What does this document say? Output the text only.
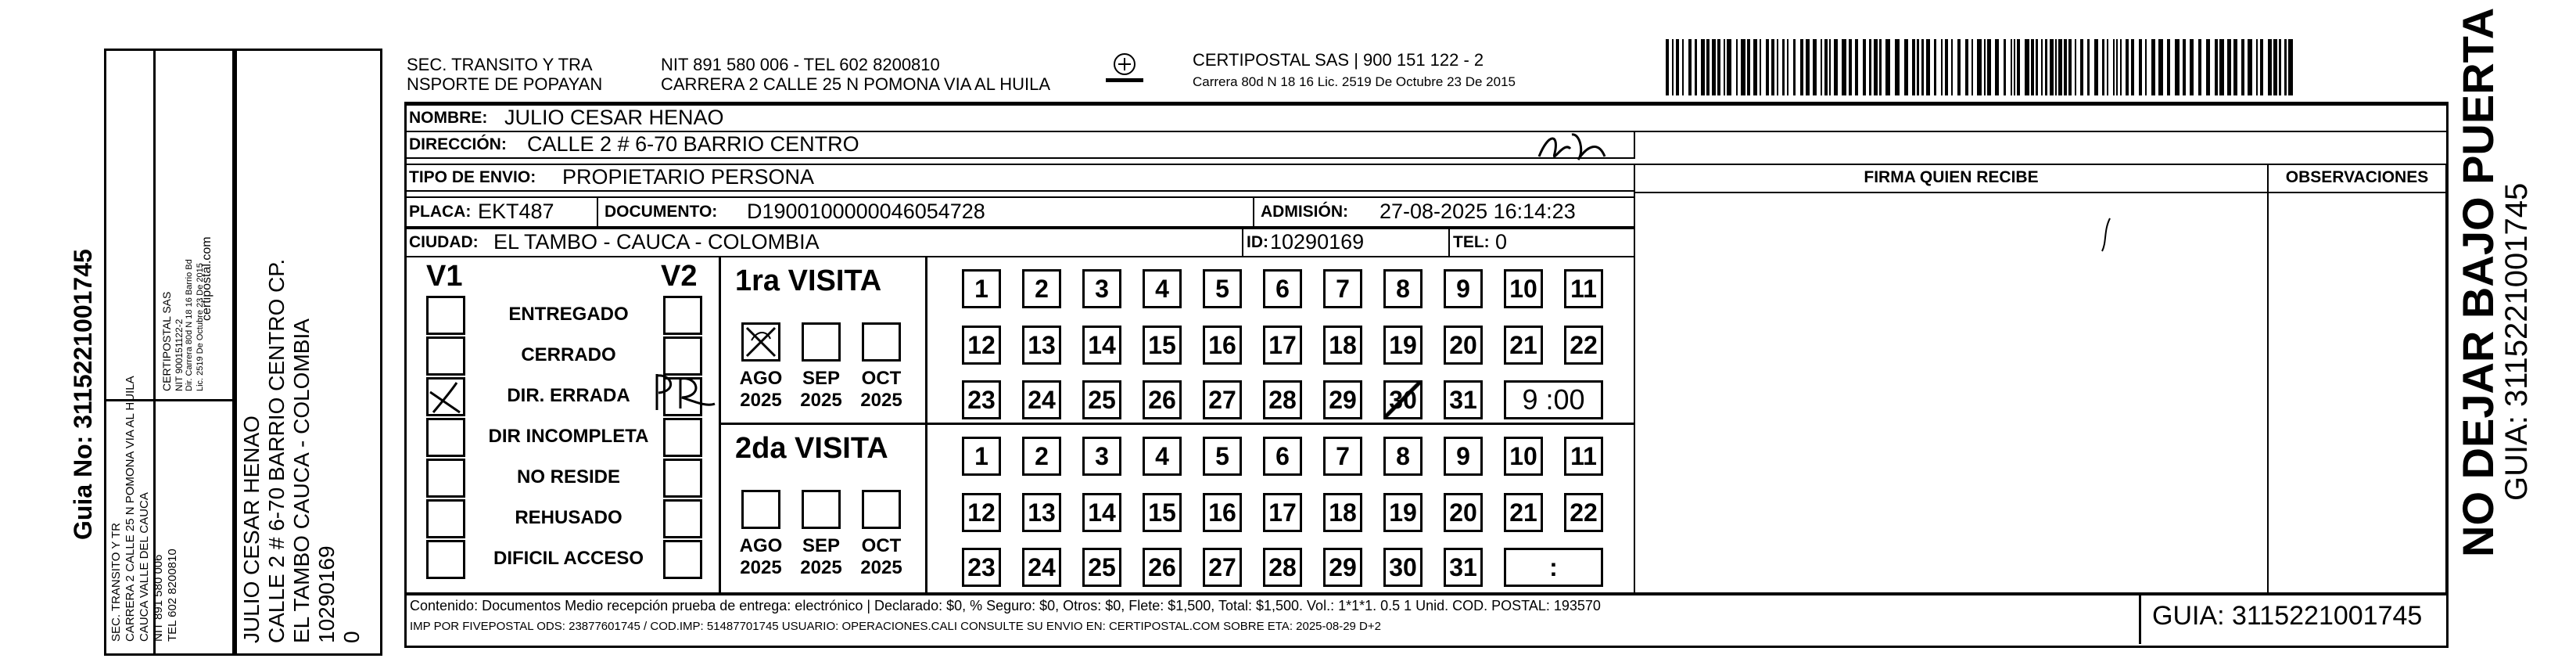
Guia No: 3115221001745
SEC. TRANSITO Y TR CARRERA 2 CALLE 25 N POMONA VIA AL HUILA CAUCA VALLE DEL CAUCA NIT 891 580 006 TEL 602 8200810
CERTIPOSTAL SAS NIT 900151122-2 Dir. Carrera 80d N 18 16 Barrio Bd Lic. 2519 De Octubre 23 De 2015
certipostal.com
JULIO CESAR HENAO CALLE 2 # 6-70 BARRIO CENTRO CP. EL TAMBO CAUCA - COLOMBIA 10290169 0
SEC. TRANSITO Y TRA
NSPORTE DE POPAYAN
NIT 891 580 006 - TEL 602 8200810
CARRERA 2 CALLE 25 N POMONA VIA AL HUILA
CERTIPOSTAL SAS | 900 151 122 - 2
Carrera 80d N 18 16 Lic. 2519 De Octubre 23 De 2015
NOMBRE: JULIO CESAR HENAO
DIRECCIÓN: CALLE 2 # 6-70 BARRIO CENTRO
TIPO DE ENVIO: PROPIETARIO PERSONA
PLACA: EKT487	DOCUMENTO: D1900100000046054728	ADMISIÓN: 27-08-2025 16:14:23
CIUDAD: EL TAMBO - CAUCA - COLOMBIA	ID: 10290169	TEL: 0
FIRMA QUIEN RECIBE	OBSERVACIONES
V1	V2
ENTREGADO
CERRADO
DIR. ERRADA
DIR INCOMPLETA
NO RESIDE
REHUSADO
DIFICIL ACCESO
1ra VISITA
2da VISITA
AGO
2025
SEP
2025
OCT
2025
AGO
2025
SEP
2025
OCT
2025
1	2	3	4	5	6	7	8	9	10 11
12 13 14 15 16 17 18 19 20 21 22
23 24 25 26 27 28 29 30 31	9 :00
1	2	3	4	5	6	7	8	9	10 11
12 13 14 15 16 17 18 19 20 21 22
23 24 25 26 27 28 29 30 31	:
Contenido: Documentos Medio recepción prueba de entrega: electrónico | Declarado: $0, % Seguro: $0, Otros: $0, Flete: $1,500, Total: $1,500. Vol.: 1*1*1. 0.5 1 Unid. COD. POSTAL: 193570
IMP POR FIVEPOSTAL ODS: 23877601745 / COD.IMP: 51487701745 USUARIO: OPERACIONES.CALI CONSULTE SU ENVIO EN: CERTIPOSTAL.COM SOBRE ETA: 2025-08-29 D+2	GUIA: 3115221001745
NO DEJAR BAJO PUERTA
GUIA: 3115221001745
